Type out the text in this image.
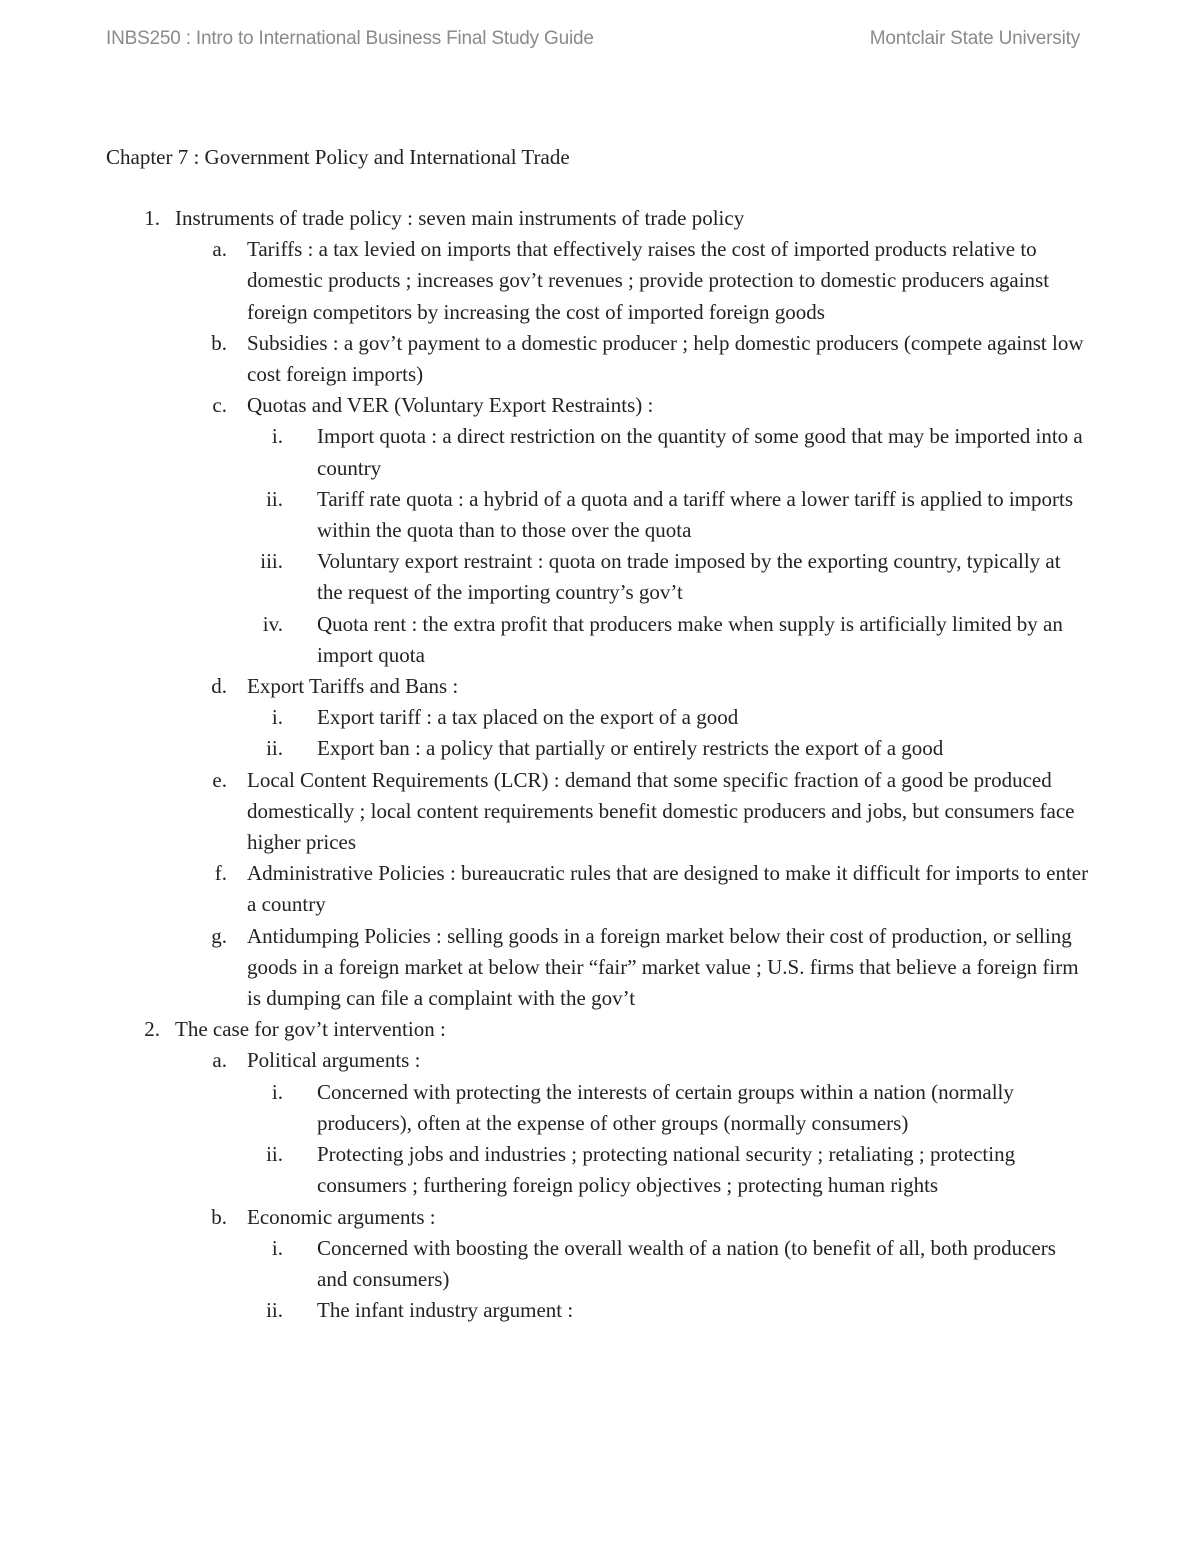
INBS250 : Intro to International Business Final Study Guide	Montclair State University
Chapter 7 : Government Policy and International Trade
1. Instruments of trade policy : seven main instruments of trade policy
a. Tariffs : a tax levied on imports that effectively raises the cost of imported products relative to domestic products ; increases gov’t revenues ; provide protection to domestic producers against foreign competitors by increasing the cost of imported foreign goods
b. Subsidies : a gov’t payment to a domestic producer ; help domestic producers (compete against low cost foreign imports)
c. Quotas and VER (Voluntary Export Restraints) :
i. Import quota : a direct restriction on the quantity of some good that may be imported into a country
ii. Tariff rate quota : a hybrid of a quota and a tariff where a lower tariff is applied to imports within the quota than to those over the quota
iii. Voluntary export restraint : quota on trade imposed by the exporting country, typically at the request of the importing country’s gov’t
iv. Quota rent : the extra profit that producers make when supply is artificially limited by an import quota
d. Export Tariffs and Bans :
i. Export tariff : a tax placed on the export of a good
ii. Export ban : a policy that partially or entirely restricts the export of a good
e. Local Content Requirements (LCR) : demand that some specific fraction of a good be produced domestically ; local content requirements benefit domestic producers and jobs, but consumers face higher prices
f. Administrative Policies : bureaucratic rules that are designed to make it difficult for imports to enter a country
g. Antidumping Policies : selling goods in a foreign market below their cost of production, or selling goods in a foreign market at below their “fair” market value ; U.S. firms that believe a foreign firm is dumping can file a complaint with the gov’t
2. The case for gov’t intervention :
a. Political arguments :
i. Concerned with protecting the interests of certain groups within a nation (normally producers), often at the expense of other groups (normally consumers)
ii. Protecting jobs and industries ; protecting national security ; retaliating ; protecting consumers ; furthering foreign policy objectives ; protecting human rights
b. Economic arguments :
i. Concerned with boosting the overall wealth of a nation (to benefit of all, both producers and consumers)
ii. The infant industry argument :
